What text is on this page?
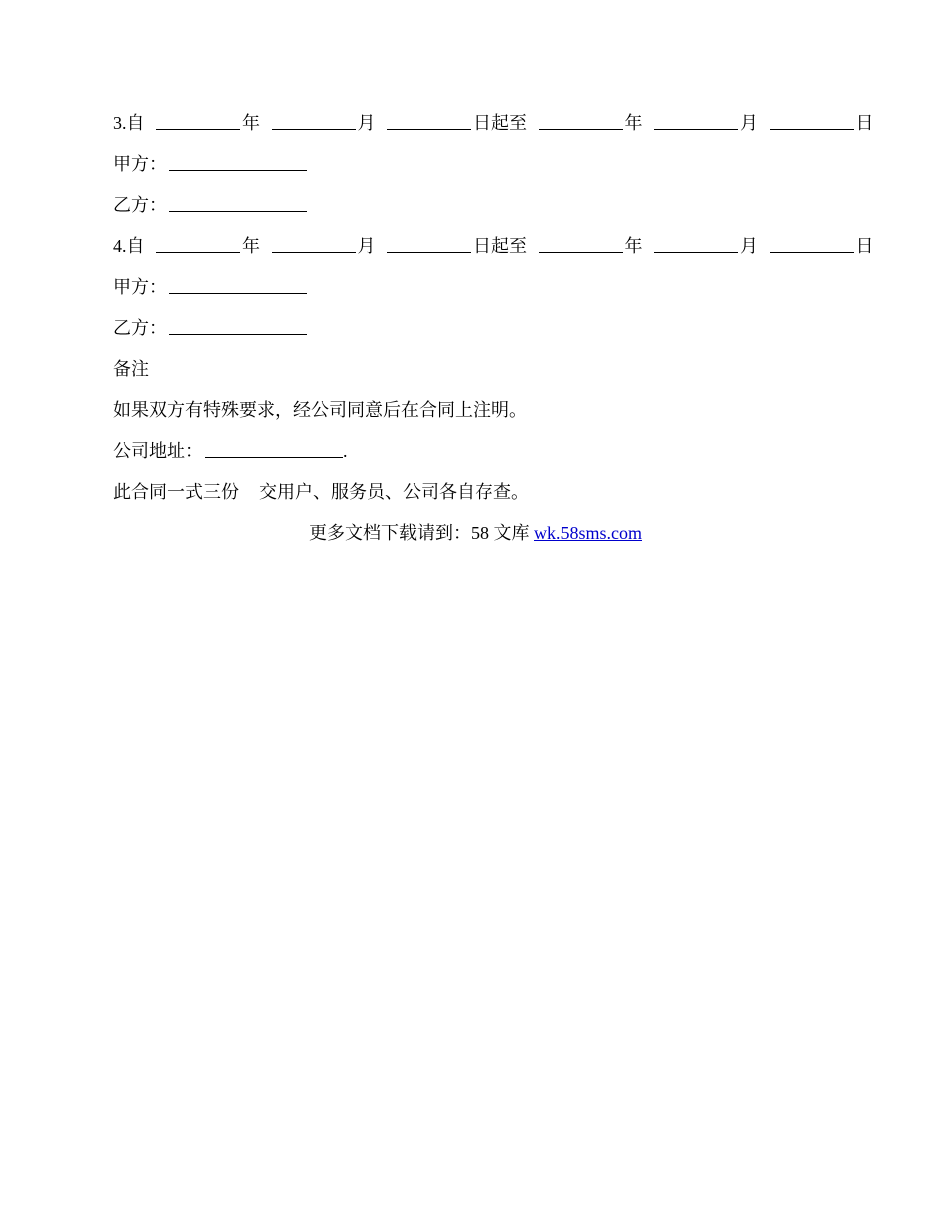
3.自	年	月	日起至	年	月	日
甲方：
乙方：
4.自	年	月	日起至	年	月	日
甲方：
乙方：
备注
如果双方有特殊要求，经公司同意后在合同上注明。
公司地址：	.
此合同一式三份 交用户、服务员、公司各自存查。
更多文档下载请到：58 文库 wk.58sms.com
